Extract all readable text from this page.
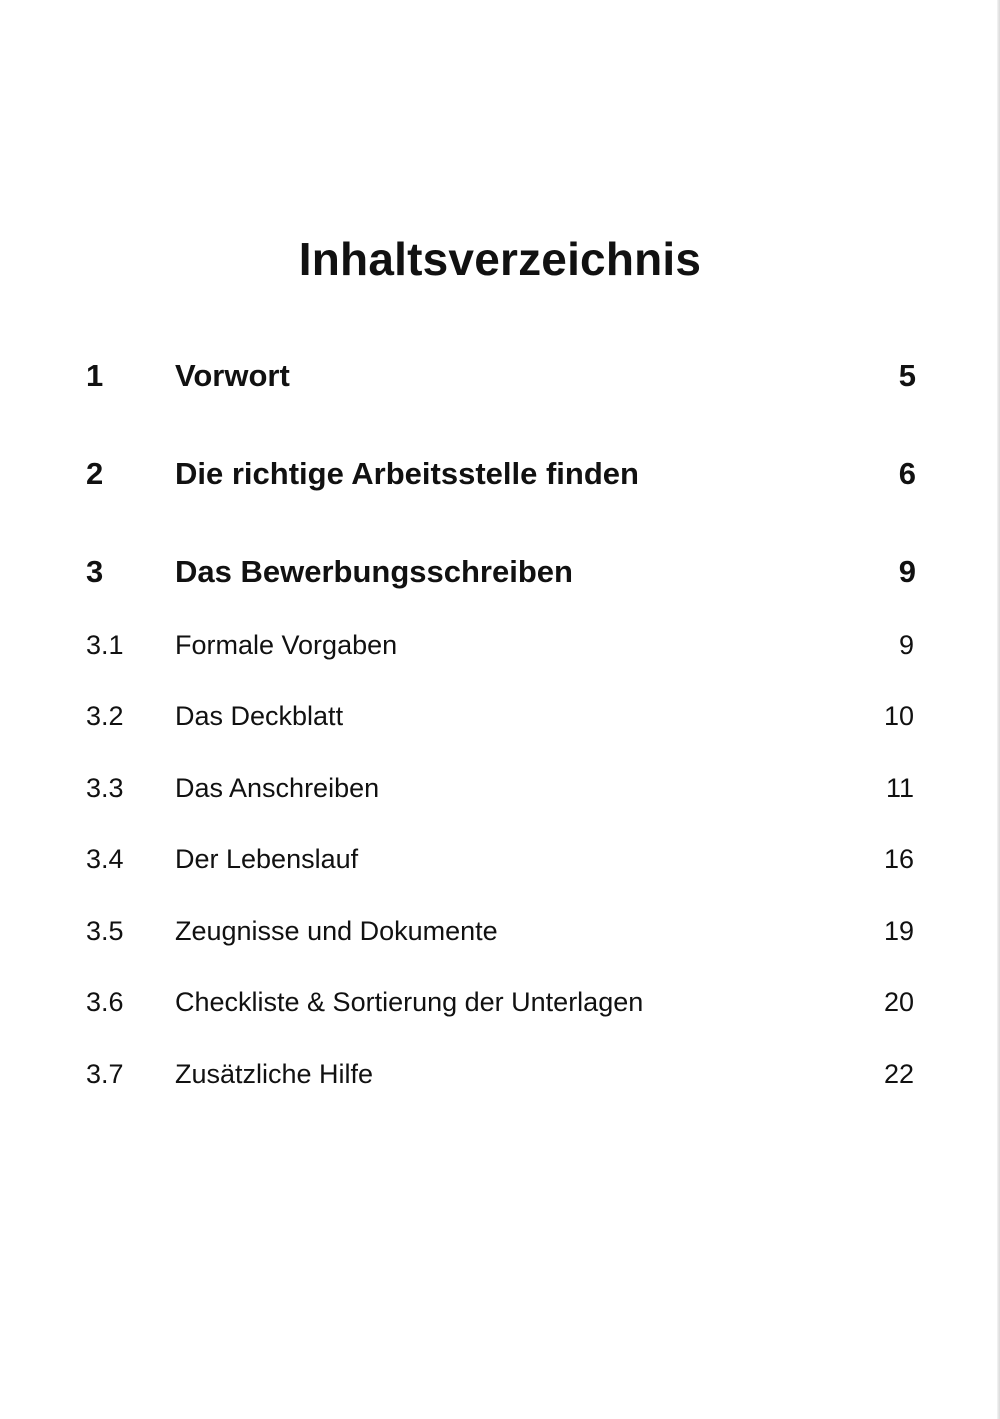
Inhaltsverzeichnis
1 Vorwort	5
2 Die richtige Arbeitsstelle finden	6
3 Das Bewerbungsschreiben	9
3.1 Formale Vorgaben	9
3.2 Das Deckblatt	10
3.3 Das Anschreiben	11
3.4 Der Lebenslauf	16
3.5 Zeugnisse und Dokumente	19
3.6 Checkliste & Sortierung der Unterlagen	20
3.7 Zusätzliche Hilfe	22
